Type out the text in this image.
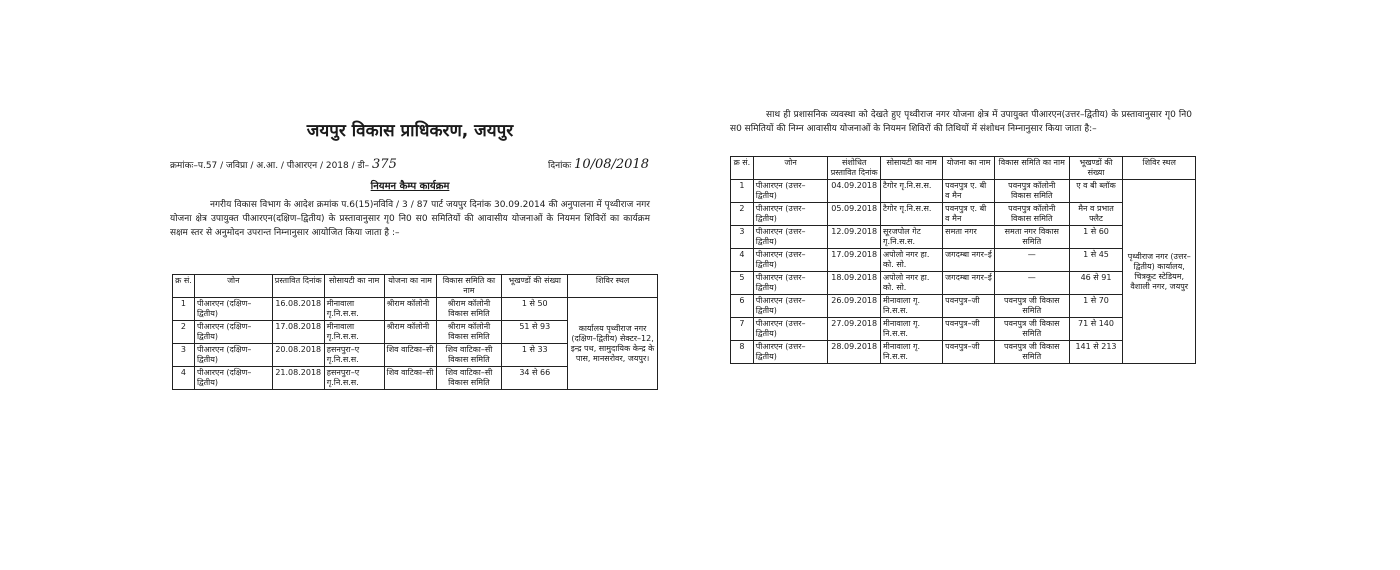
जयपुर विकास प्राधिकरण, जयपुर
क्रमांकः–प.57 / जविप्रा / अ.आ. / पीआरएन / 2018 / डी– 375	दिनांकः 10/08/2018
नियमन कैम्प कार्यक्रम
नगरीय विकास विभाग के आदेश क्रमांक प.6(15)नविवि / 3 / 87 पार्ट जयपुर दिनांक 30.09.2014 की अनुपालना में पृथ्वीराज नगर योजना क्षेत्र उपायुक्त पीआरएन(दक्षिण–द्वितीय) के प्रस्तावानुसार गृ0 नि0 स0 समितियों की आवासीय योजनाओं के नियमन शिविरों का कार्यक्रम सक्षम स्तर से अनुमोदन उपरान्त निम्नानुसार आयोजित किया जाता है :–
क्र सं.	जोन	प्रस्तावित दिनांक	सोसायटी का नाम	योजना का नाम	विकास समिति का नाम	भूखण्डों की संख्या	शिविर स्थल
1	पीआरएन (दक्षिण–द्वितीय)	16.08.2018	मीनावाला गृ.नि.स.स.	श्रीराम कॉलोनी	श्रीराम कॉलोनी विकास समिति	1 से 50	कार्यालय पृथ्वीराज नगर (दक्षिण–द्वितीय) सेक्टर–12, इन्द्र पथ, सामुदायिक केन्द्र के पास, मानसरोवर, जयपुर।
2	पीआरएन (दक्षिण–द्वितीय)	17.08.2018	मीनावाला गृ.नि.स.स.	श्रीराम कॉलोनी	श्रीराम कॉलोनी विकास समिति	51 से 93	
3	पीआरएन (दक्षिण–द्वितीय)	20.08.2018	हसनपुरा–ए गृ.नि.स.स.	शिव वाटिका–सी	शिव वाटिका–सी विकास समिति	1 से 33	
4	पीआरएन (दक्षिण–द्वितीय)	21.08.2018	हसनपुरा–ए गृ.नि.स.स.	शिव वाटिका–सी	शिव वाटिका–सी विकास समिति	34 से 66	
साथ ही प्रशासनिक व्यवस्था को देखते हुए पृथ्वीराज नगर योजना क्षेत्र में उपायुक्त पीआरएन(उत्तर–द्वितीय) के प्रस्तावानुसार गृ0 नि0 स0 समितियों की निम्न आवासीय योजनाओं के नियमन शिविरों की तिथियों में संशोधन निम्नानुसार किया जाता है:–
क्र सं.	जोन	संशोधित प्रस्तावित दिनांक	सोसायटी का नाम	योजना का नाम	विकास समिति का नाम	भूखण्डों की संख्या	शिविर स्थल
1	पीआरएन (उत्तर–द्वितीय)	04.09.2018	टैगोर गृ.नि.स.स.	पवनपुत्र ए. बी व मैन	पवनपुत्र कॉलोनी विकास समिति	ए व बी ब्लॉक	पृथ्वीराज नगर (उत्तर–द्वितीय) कार्यालय, चित्रकूट स्टेडियम, वैशाली नगर, जयपुर
2	पीआरएन (उत्तर–द्वितीय)	05.09.2018	टैगोर गृ.नि.स.स.	पवनपुत्र ए. बी व मैन	पवनपुत्र कॉलोनी विकास समिति	मैन व प्रभात फ्लैट	
3	पीआरएन (उत्तर–द्वितीय)	12.09.2018	सूरजपोल गेट गृ.नि.स.स.	समता नगर	समता नगर विकास समिति	1 से 60	
4	पीआरएन (उत्तर–द्वितीय)	17.09.2018	अपोलो नगर हा. को. सो.	जगदम्बा नगर–ई	—	1 से 45	
5	पीआरएन (उत्तर–द्वितीय)	18.09.2018	अपोलो नगर हा. को. सो.	जगदम्बा नगर–ई	—	46 से 91	
6	पीआरएन (उत्तर–द्वितीय)	26.09.2018	मीनावाला गृ. नि.स.स.	पवनपुत्र–जी	पवनपुत्र जी विकास समिति	1 से 70	
7	पीआरएन (उत्तर–द्वितीय)	27.09.2018	मीनावाला गृ. नि.स.स.	पवनपुत्र–जी	पवनपुत्र जी विकास समिति	71 से 140	
8	पीआरएन (उत्तर–द्वितीय)	28.09.2018	मीनावाला गृ. नि.स.स.	पवनपुत्र–जी	पवनपुत्र जी विकास समिति	141 से 213	
